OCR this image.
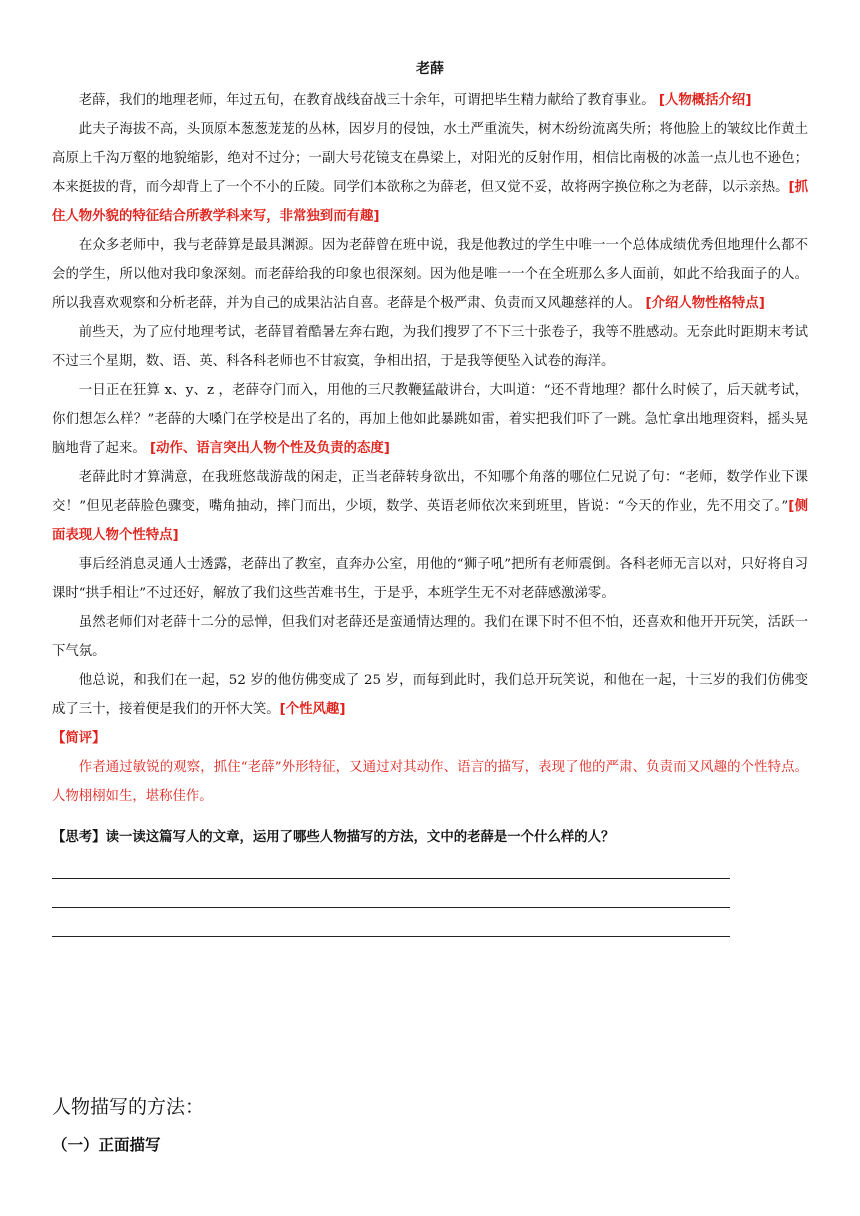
老薛

老薛，我们的地理老师，年过五旬，在教育战线奋战三十余年，可谓把毕生精力献给了教育事业。 [人物概括介绍]

此夫子海拔不高，头顶原本葱葱茏茏的丛林，因岁月的侵蚀，水土严重流失，树木纷纷流离失所；将他脸上的皱纹比作黄土高原上千沟万壑的地貌缩影，绝对不过分；一副大号花镜支在鼻梁上，对阳光的反射作用，相信比南极的冰盖一点儿也不逊色；本来挺拔的背，而今却背上了一个不小的丘陵。同学们本欲称之为薛老，但又觉不妥，故将两字换位称之为老薛，以示亲热。[抓住人物外貌的特征结合所教学科来写，非常独到而有趣]

在众多老师中，我与老薛算是最具渊源。因为老薛曾在班中说，我是他教过的学生中唯一一个总体成绩优秀但地理什么都不会的学生，所以他对我印象深刻。而老薛给我的印象也很深刻。因为他是唯一一个在全班那么多人面前，如此不给我面子的人。所以我喜欢观察和分析老薛，并为自己的成果沾沾自喜。老薛是个极严肃、负责而又风趣慈祥的人。 [介绍人物性格特点]

前些天，为了应付地理考试，老薛冒着酷暑左奔右跑，为我们搜罗了不下三十张卷子，我等不胜感动。无奈此时距期末考试不过三个星期，数、语、英、科各科老师也不甘寂寞，争相出招，于是我等便坠入试卷的海洋。

一日正在狂算 x、y、z ，老薛夺门而入，用他的三尺教鞭猛敲讲台，大叫道：“还不背地理？都什么时候了，后天就考试，你们想怎么样？”老薛的大嗓门在学校是出了名的，再加上他如此暴跳如雷，着实把我们吓了一跳。急忙拿出地理资料，摇头晃脑地背了起来。 [动作、语言突出人物个性及负责的态度]

老薛此时才算满意，在我班悠哉游哉的闲走，正当老薛转身欲出，不知哪个角落的哪位仁兄说了句：“老师，数学作业下课交！”但见老薛脸色骤变，嘴角抽动，摔门而出，少顷，数学、英语老师依次来到班里，皆说：“今天的作业，先不用交了。”[侧面表现人物个性特点]

事后经消息灵通人士透露，老薛出了教室，直奔办公室，用他的“狮子吼”把所有老师震倒。各科老师无言以对，只好将自习课时“拱手相让”不过还好，解放了我们这些苦难书生，于是乎，本班学生无不对老薛感激涕零。

虽然老师们对老薛十二分的忌惮，但我们对老薛还是蛮通情达理的。我们在课下时不但不怕，还喜欢和他开开玩笑，活跃一下气氛。

他总说，和我们在一起，52 岁的他仿佛变成了 25 岁，而每到此时，我们总开玩笑说，和他在一起，十三岁的我们仿佛变成了三十，接着便是我们的开怀大笑。[个性风趣]

【简评】

作者通过敏锐的观察，抓住“老薛”外形特征，又通过对其动作、语言的描写，表现了他的严肃、负责而又风趣的个性特点。人物栩栩如生，堪称佳作。

【思考】读一读这篇写人的文章，运用了哪些人物描写的方法，文中的老薛是一个什么样的人？

人物描写的方法：
（一）正面描写
